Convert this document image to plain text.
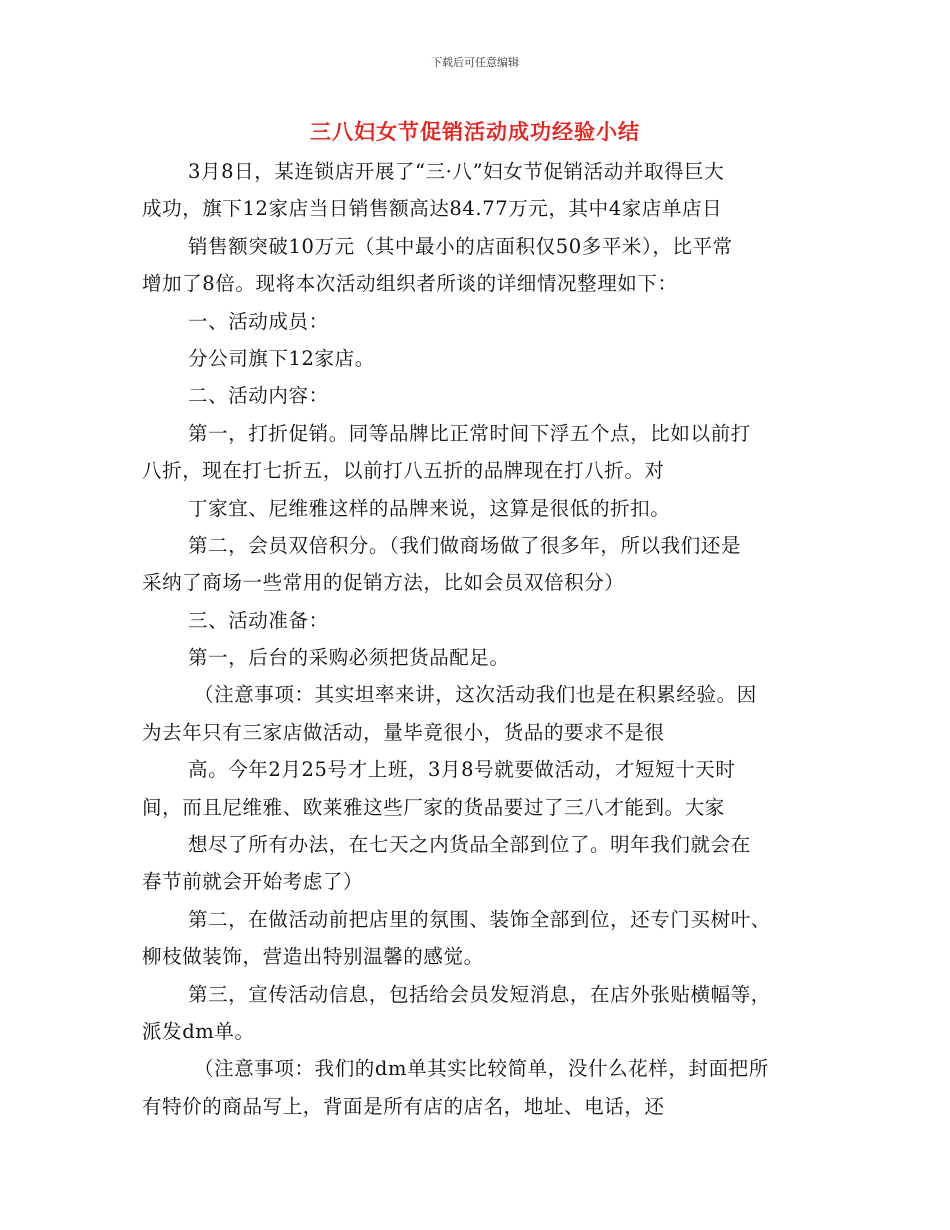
下载后可任意编辑
三八妇女节促销活动成功经验小结
3月8日，某连锁店开展了“三·八”妇女节促销活动并取得巨大
成功，旗下12家店当日销售额高达84.77万元，其中4家店单店日
销售额突破10万元（其中最小的店面积仅50多平米），比平常
增加了8倍。现将本次活动组织者所谈的详细情况整理如下：
一、活动成员：
分公司旗下12家店。
二、活动内容：
第一，打折促销。同等品牌比正常时间下浮五个点，比如以前打
八折，现在打七折五，以前打八五折的品牌现在打八折。对
丁家宜、尼维雅这样的品牌来说，这算是很低的折扣。
第二，会员双倍积分。（我们做商场做了很多年，所以我们还是
采纳了商场一些常用的促销方法，比如会员双倍积分）
三、活动准备：
第一，后台的采购必须把货品配足。
（注意事项：其实坦率来讲，这次活动我们也是在积累经验。因
为去年只有三家店做活动，量毕竟很小，货品的要求不是很
高。今年2月25号才上班，3月8号就要做活动，才短短十天时
间，而且尼维雅、欧莱雅这些厂家的货品要过了三八才能到。大家
想尽了所有办法，在七天之内货品全部到位了。明年我们就会在
春节前就会开始考虑了）
第二，在做活动前把店里的氛围、装饰全部到位，还专门买树叶、
柳枝做装饰，营造出特别温馨的感觉。
第三，宣传活动信息，包括给会员发短消息，在店外张贴横幅等，
派发dm单。
（注意事项：我们的dm单其实比较简单，没什么花样，封面把所
有特价的商品写上，背面是所有店的店名，地址、电话，还
